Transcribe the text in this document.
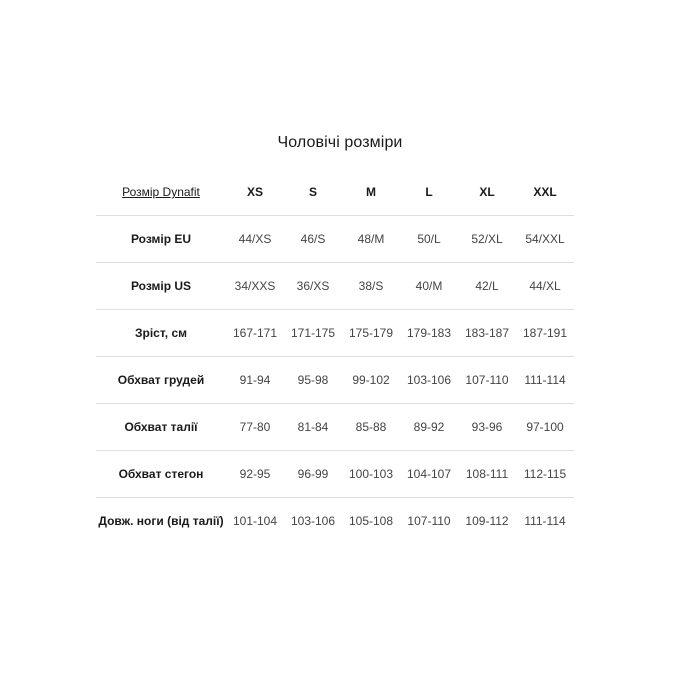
Чоловічі розміри
Розмір Dynafit	XS	S	M	L	XL	XXL
Розмір EU	44/XS	46/S	48/M	50/L	52/XL	54/XXL
Розмір US	34/XXS	36/XS	38/S	40/M	42/L	44/XL
Зріст, см	167-171	171-175	175-179	179-183	183-187	187-191
Обхват грудей	91-94	95-98	99-102	103-106	107-110	111-114
Обхват талії	77-80	81-84	85-88	89-92	93-96	97-100
Обхват стегон	92-95	96-99	100-103	104-107	108-111	112-115
Довж. ноги (від талії)	101-104	103-106	105-108	107-110	109-112	111-114
